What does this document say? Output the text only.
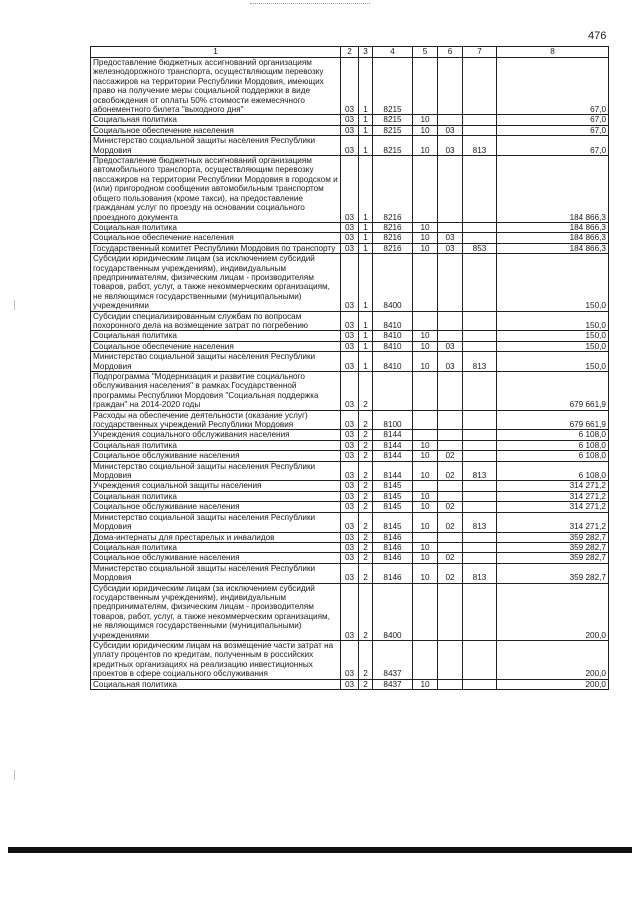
476
1	2	3	4	5	6	7	8
Предоставление бюджетных ассигнований организациям железнодорожного транспорта, осуществляющим перевозку пассажиров на территории Республики Мордовия, имеющих право на получение меры социальной поддержки в виде освобождения от оплаты 50% стоимости ежемесячного абонементного билета "выходного дня"	03	1	8215				67,0
Социальная политика	03	1	8215	10			67,0
Социальное обеспечение населения	03	1	8215	10	03		67,0
Министерство социальной защиты населения Республики Мордовия	03	1	8215	10	03	813	67,0
Предоставление бюджетных ассигнований организациям автомобильного транспорта, осуществляющим перевозку пассажиров на территории Республики Мордовия в городском и (или) пригородном сообщении автомобильным транспортом общего пользования (кроме такси), на предоставление гражданам услуг по проезду на основании социального проездного документа	03	1	8216				184 866,3
Социальная политика	03	1	8216	10			184 866,3
Социальное обеспечение населения	03	1	8216	10	03		184 866,3
Государственный комитет Республики Мордовия по транспорту	03	1	8216	10	03	853	184 866,3
Субсидии юридическим лицам (за исключением субсидий государственным учреждениям), индивидуальным предпринимателям, физическим лицам - производителям товаров, работ, услуг, а также некоммерческим организациям, не являющимся государственными (муниципальными) учреждениями	03	1	8400				150,0
Субсидии специализированным службам по вопросам похоронного дела на возмещение затрат по погребению	03	1	8410				150,0
Социальная политика	03	1	8410	10			150,0
Социальное обеспечение населения	03	1	8410	10	03		150,0
Министерство социальной защиты населения Республики Мордовия	03	1	8410	10	03	813	150,0
Подпрограмма "Модернизация и развитие социального обслуживания населения" в рамках Государственной программы Республики Мордовия "Социальная поддержка граждан" на 2014-2020 годы	03	2					679 661,9
Расходы на обеспечение деятельности (оказание услуг) государственных учреждений Республики Мордовия	03	2	8100				679 661,9
Учреждения социального обслуживания населения	03	2	8144				6 108,0
Социальная политика	03	2	8144	10			6 108,0
Социальное обслуживание населения	03	2	8144	10	02		6 108,0
Министерство социальной защиты населения Республики Мордовия	03	2	8144	10	02	813	6 108,0
Учреждения социальной защиты населения	03	2	8145				314 271,2
Социальная политика	03	2	8145	10			314 271,2
Социальное обслуживание населения	03	2	8145	10	02		314 271,2
Министерство социальной защиты населения Республики Мордовия	03	2	8145	10	02	813	314 271,2
Дома-интернаты для престарелых и инвалидов	03	2	8146				359 282,7
Социальная политика	03	2	8146	10			359 282,7
Социальное обслуживание населения	03	2	8146	10	02		359 282,7
Министерство социальной защиты населения Республики Мордовия	03	2	8146	10	02	813	359 282,7
Субсидии юридическим лицам (за исключением субсидий государственным учреждениям), индивидуальным предпринимателям, физическим лицам - производителям товаров, работ, услуг, а также некоммерческим организациям, не являющимся государственными (муниципальными) учреждениями	03	2	8400				200,0
Субсидии юридическим лицам на возмещение части затрат на уплату процентов по кредитам, полученным в российских кредитных организациях на реализацию инвестиционных проектов в сфере социального обслуживания	03	2	8437				200,0
Социальная политика	03	2	8437	10			200,0
